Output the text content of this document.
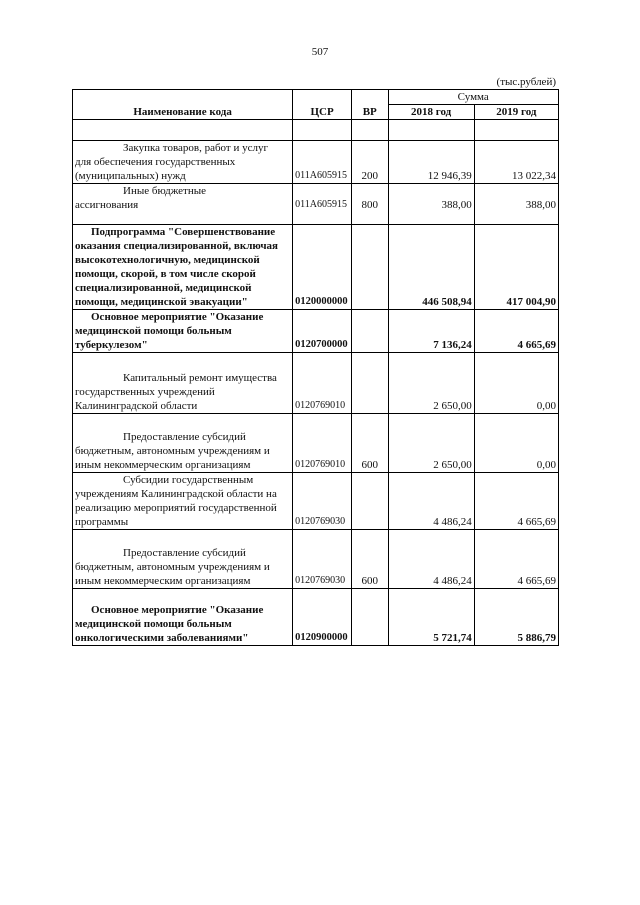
507
(тыс.рублей)
Наименование кода	ЦСР	ВР	Сумма	
			2018 год	2019 год

Закупка товаров, работ и услуг
для обеспечения государственных (муниципальных) нужд	011А605915	200	12 946,39	13 022,34

Иные бюджетные
ассигнования	011А605915	800	388,00	388,00

Подпрограмма "Совершенствование
оказания специализированной, включая высокотехнологичную, медицинской помощи, скорой, в том числе скорой специализированной, медицинской помощи, медицинской эвакуации"	0120000000		446 508,94	417 004,90

Основное мероприятие "Оказание
медицинской помощи больным туберкулезом"	0120700000		7 136,24	4 665,69

Капитальный ремонт имущества
государственных учреждений Калининградской области	0120769010		2 650,00	0,00

Предоставление субсидий
бюджетным, автономным учреждениям и иным некоммерческим организациям	0120769010	600	2 650,00	0,00

Субсидии государственным
учреждениям Калининградской области на реализацию мероприятий государственной программы	0120769030		4 486,24	4 665,69

Предоставление субсидий
бюджетным, автономным учреждениям и иным некоммерческим организациям	0120769030	600	4 486,24	4 665,69

Основное мероприятие "Оказание
медицинской помощи больным онкологическими заболеваниями"	0120900000		5 721,74	5 886,79
